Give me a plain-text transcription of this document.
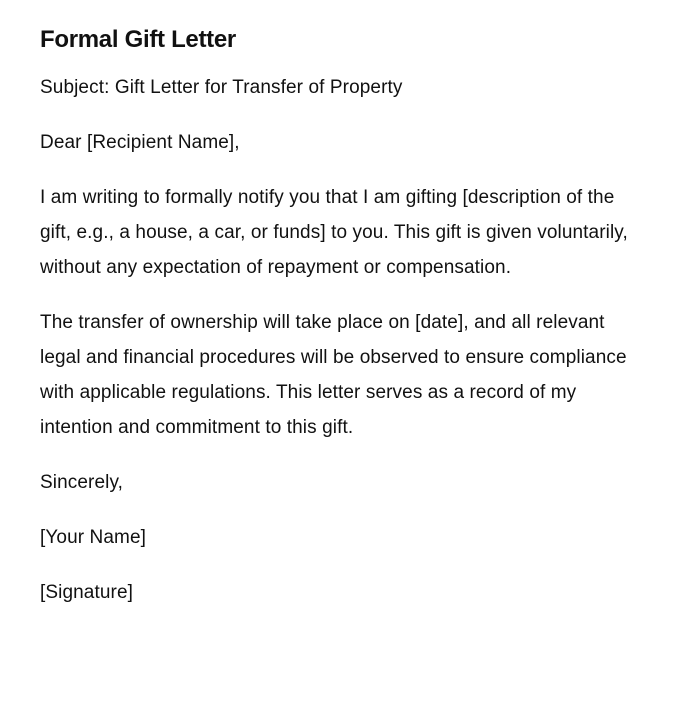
Formal Gift Letter

Subject: Gift Letter for Transfer of Property

Dear [Recipient Name],

I am writing to formally notify you that I am gifting [description of the gift, e.g., a house, a car, or funds] to you. This gift is given voluntarily, without any expectation of repayment or compensation.

The transfer of ownership will take place on [date], and all relevant legal and financial procedures will be observed to ensure compliance with applicable regulations. This letter serves as a record of my intention and commitment to this gift.

Sincerely,

[Your Name]

[Signature]
